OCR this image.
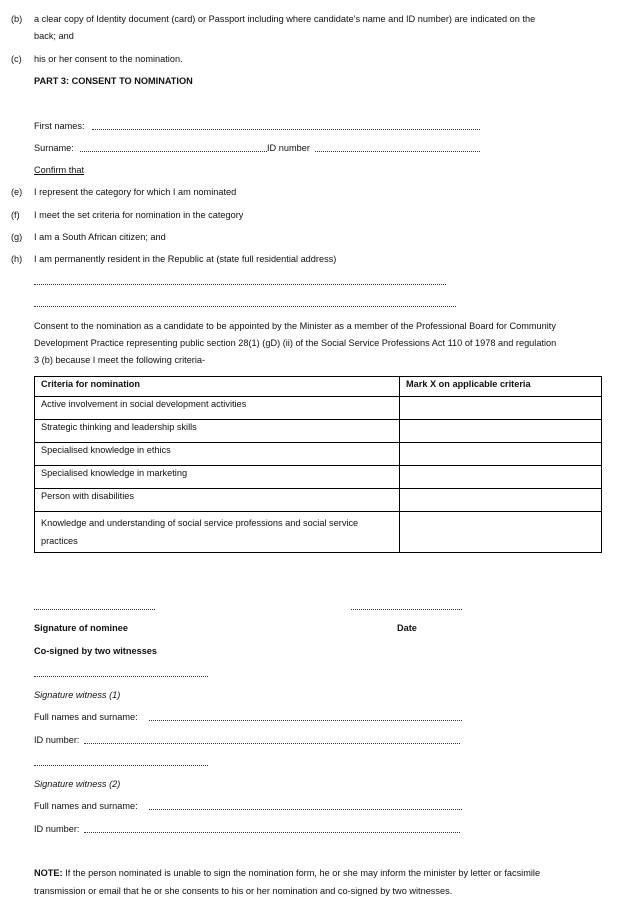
(b) a clear copy of Identity document (card) or Passport including where candidate's name and ID number) are indicated on the
back; and
(c) his or her consent to the nomination.
PART 3: CONSENT TO NOMINATION
First names:
Surname:	ID number
Confirm that
(e) I represent the category for which I am nominated
(f) I meet the set criteria for nomination in the category
(g) I am a South African citizen; and
(h) I am permanently resident in the Republic at (state full residential address)
Consent to the nomination as a candidate to be appointed by the Minister as a member of the Professional Board for Community
Development Practice representing public section 28(1) (gD) (ii) of the Social Service Professions Act 110 of 1978 and regulation
3 (b) because I meet the following criteria-
Criteria for nomination	Mark X on applicable criteria
Active involvement in social development activities	
Strategic thinking and leadership skills	
Specialised knowledge in ethics	
Specialised knowledge in marketing	
Person with disabilities	
Knowledge and understanding of social service professions and social service practices	
Signature of nominee	Date
Co-signed by two witnesses
Signature witness (1)
Full names and surname:
ID number:
Signature witness (2)
Full names and surname:
ID number:
NOTE: If the person nominated is unable to sign the nomination form, he or she may inform the minister by letter or facsimile
transmission or email that he or she consents to his or her nomination and co-signed by two witnesses.
